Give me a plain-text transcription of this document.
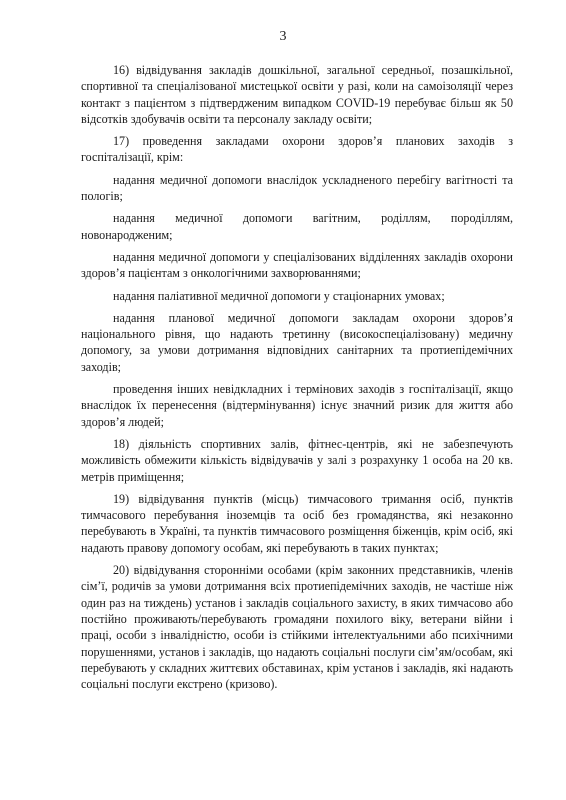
3

16) відвідування закладів дошкільної, загальної середньої, позашкільної, спортивної та спеціалізованої мистецької освіти у разі, коли на самоізоляції через контакт з пацієнтом з підтвердженим випадком COVID-19 перебуває більш як 50 відсотків здобувачів освіти та персоналу закладу освіти;

17) проведення закладами охорони здоров’я планових заходів з госпіталізації, крім:

надання медичної допомоги внаслідок ускладненого перебігу вагітності та пологів;

надання медичної допомоги вагітним, роділлям, породіллям, новонародженим;

надання медичної допомоги у спеціалізованих відділеннях закладів охорони здоров’я пацієнтам з онкологічними захворюваннями;

надання паліативної медичної допомоги у стаціонарних умовах;

надання планової медичної допомоги закладам охорони здоров’я національного рівня, що надають третинну (високоспеціалізовану) медичну допомогу, за умови дотримання відповідних санітарних та протиепідемічних заходів;

проведення інших невідкладних і термінових заходів з госпіталізації, якщо внаслідок їх перенесення (відтермінування) існує значний ризик для життя або здоров’я людей;

18) діяльність спортивних залів, фітнес-центрів, які не забезпечують можливість обмежити кількість відвідувачів у залі з розрахунку 1 особа на 20 кв. метрів приміщення;

19) відвідування пунктів (місць) тимчасового тримання осіб, пунктів тимчасового перебування іноземців та осіб без громадянства, які незаконно перебувають в Україні, та пунктів тимчасового розміщення біженців, крім осіб, які надають правову допомогу особам, які перебувають в таких пунктах;

20) відвідування сторонніми особами (крім законних представників, членів сім’ї, родичів за умови дотримання всіх протиепідемічних заходів, не частіше ніж один раз на тиждень) установ і закладів соціального захисту, в яких тимчасово або постійно проживають/перебувають громадяни похилого віку, ветерани війни і праці, особи з інвалідністю, особи із стійкими інтелектуальними або психічними порушеннями, установ і закладів, що надають соціальні послуги сім’ям/особам, які перебувають у складних життєвих обставинах, крім установ і закладів, які надають соціальні послуги екстрено (кризово).
